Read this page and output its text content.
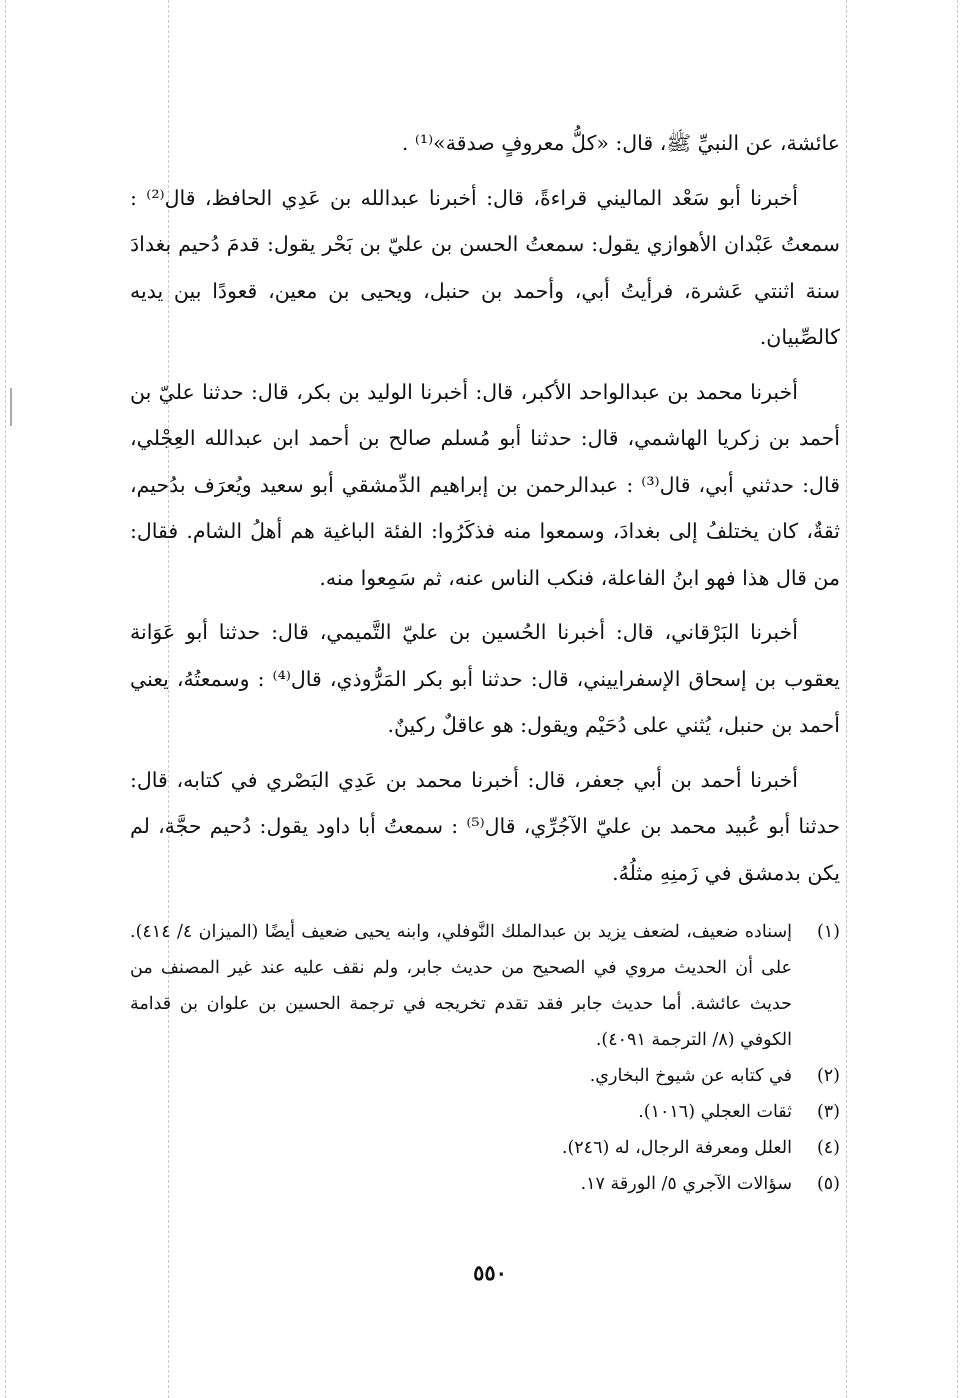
عائشة، عن النبيِّ ﷺ، قال: «كلُّ معروفٍ صدقة»⁽¹⁾ .

أخبرنا أبو سَعْد الماليني قراءةً، قال: أخبرنا عبدالله بن عَدِي الحافظ، قال⁽²⁾ : سمعتُ عَبْدان الأهوازي يقول: سمعتُ الحسن بن عليّ بن بَحْر يقول: قدمَ دُحيم بغدادَ سنة اثنتي عَشرة، فرأيتُ أبي، وأحمد بن حنبل، ويحيى بن معين، قعودًا بين يديه كالصِّبيان.

أخبرنا محمد بن عبدالواحد الأكبر، قال: أخبرنا الوليد بن بكر، قال: حدثنا عليّ بن أحمد بن زكريا الهاشمي، قال: حدثنا أبو مُسلم صالح بن أحمد ابن عبدالله العِجْلي، قال: حدثني أبي، قال⁽³⁾ : عبدالرحمن بن إبراهيم الدِّمشقي أبو سعيد ويُعرَف بدُحيم، ثقةٌ، كان يختلفُ إلى بغدادَ، وسمعوا منه فذكَرُوا: الفئة الباغية هم أهلُ الشام. فقال: من قال هذا فهو ابنُ الفاعلة، فنكب الناس عنه، ثم سَمِعوا منه.

أخبرنا البَرْقاني، قال: أخبرنا الحُسين بن عليّ التَّميمي، قال: حدثنا أبو عَوَانة يعقوب بن إسحاق الإسفراييني، قال: حدثنا أبو بكر المَرُّوذي، قال⁽⁴⁾ : وسمعتُهُ، يعني أحمد بن حنبل، يُثني على دُحَيْم ويقول: هو عاقلٌ ركينٌ.

أخبرنا أحمد بن أبي جعفر، قال: أخبرنا محمد بن عَدِي البَصْري في كتابه، قال: حدثنا أبو عُبيد محمد بن عليّ الآجُرِّي، قال⁽⁵⁾ : سمعتُ أبا داود يقول: دُحيم حجَّة، لم يكن بدمشق في زَمنِهِ مثلُهُ.

(١)
إسناده ضعيف، لضعف يزيد بن عبدالملك النَّوفلي، وابنه يحيى ضعيف أيضًا (الميزان ٤/ ٤١٤). على أن الحديث مروي في الصحيح من حديث جابر، ولم نقف عليه عند غير المصنف من حديث عائشة. أما حديث جابر فقد تقدم تخريجه في ترجمة الحسين بن علوان بن قدامة الكوفي (٨/ الترجمة ٤٠٩١).
(٢)
في كتابه عن شيوخ البخاري.
(٣)
ثقات العجلي (١٠١٦).
(٤)
العلل ومعرفة الرجال، له (٢٤٦).
(٥)
سؤالات الآجري ٥/ الورقة ١٧.
٥٥٠
